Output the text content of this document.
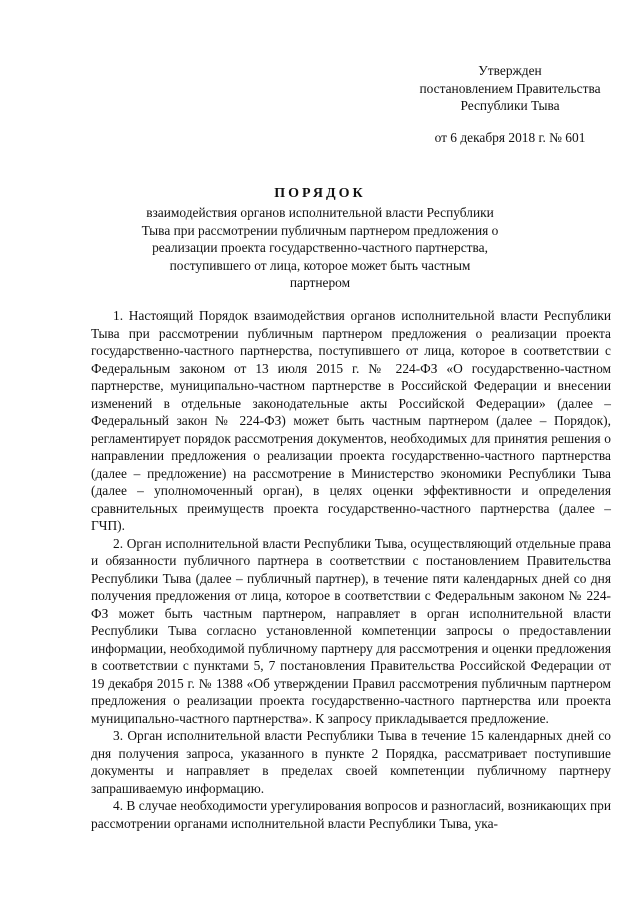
Утвержден
постановлением Правительства
Республики Тыва
от 6 декабря 2018 г. № 601
ПОРЯДОК
взаимодействия органов исполнительной власти Республики Тыва при рассмотрении публичным партнером предложения о реализации проекта государственно-частного партнерства, поступившего от лица, которое может быть частным партнером

1. Настоящий Порядок взаимодействия органов исполнительной власти Республики Тыва при рассмотрении публичным партнером предложения о реализации проекта государственно-частного партнерства, поступившего от лица, которое в соответствии с Федеральным законом от 13 июля 2015 г. № 224-ФЗ «О государственно-частном партнерстве, муниципально-частном партнерстве в Российской Федерации и внесении изменений в отдельные законодательные акты Российской Федерации» (далее – Федеральный закон № 224-ФЗ) может быть частным партнером (далее – Порядок), регламентирует порядок рассмотрения документов, необходимых для принятия решения о направлении предложения о реализации проекта государственно-частного партнерства (далее – предложение) на рассмотрение в Министерство экономики Республики Тыва (далее – уполномоченный орган), в целях оценки эффективности и определения сравнительных преимуществ проекта государственно-частного партнерства (далее – ГЧП).

2. Орган исполнительной власти Республики Тыва, осуществляющий отдельные права и обязанности публичного партнера в соответствии с постановлением Правительства Республики Тыва (далее – публичный партнер), в течение пяти календарных дней со дня получения предложения от лица, которое в соответствии с Федеральным законом № 224-ФЗ может быть частным партнером, направляет в орган исполнительной власти Республики Тыва согласно установленной компетенции запросы о предоставлении информации, необходимой публичному партнеру для рассмотрения и оценки предложения в соответствии с пунктами 5, 7 постановления Правительства Российской Федерации от 19 декабря 2015 г. № 1388 «Об утверждении Правил рассмотрения публичным партнером предложения о реализации проекта государственно-частного партнерства или проекта муниципально-частного партнерства». К запросу прикладывается предложение.

3. Орган исполнительной власти Республики Тыва в течение 15 календарных дней со дня получения запроса, указанного в пункте 2 Порядка, рассматривает поступившие документы и направляет в пределах своей компетенции публичному партнеру запрашиваемую информацию.

4. В случае необходимости урегулирования вопросов и разногласий, возникающих при рассмотрении органами исполнительной власти Республики Тыва, ука-
